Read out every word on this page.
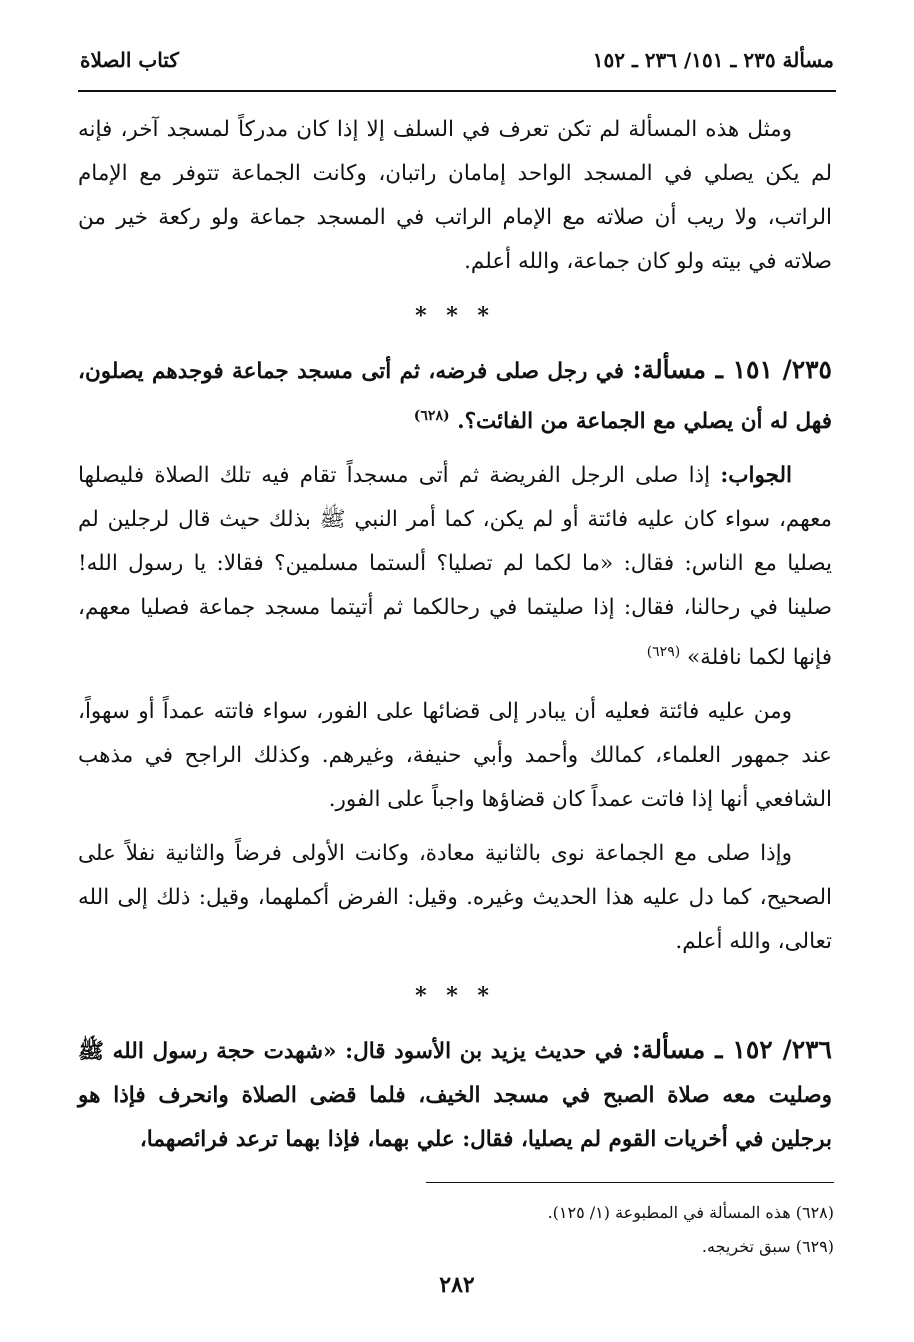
مسألة ٢٣٥ ـ ١٥١/ ٢٣٦ ـ ١٥٢
كتاب الصلاة

ومثل هذه المسألة لم تكن تعرف في السلف إلا إذا كان مدركاً لمسجد آخر، فإنه لم يكن يصلي في المسجد الواحد إمامان راتبان، وكانت الجماعة تتوفر مع الإمام الراتب، ولا ريب أن صلاته مع الإمام الراتب في المسجد جماعة ولو ركعة خير من صلاته في بيته ولو كان جماعة، والله أعلم.

* * *

٢٣٥/ ١٥١ ـ مسألة: في رجل صلى فرضه، ثم أتى مسجد جماعة فوجدهم يصلون، فهل له أن يصلي مع الجماعة من الفائت؟. $^{(٦٢٨)}$

الجواب: إذا صلى الرجل الفريضة ثم أتى مسجداً تقام فيه تلك الصلاة فليصلها معهم، سواء كان عليه فائتة أو لم يكن، كما أمر النبي ﷺ بذلك حيث قال لرجلين لم يصليا مع الناس: فقال: «ما لكما لم تصليا؟ ألستما مسلمين؟ فقالا: يا رسول الله! صلينا في رحالنا، فقال: إذا صليتما في رحالكما ثم أتيتما مسجد جماعة فصليا معهم، فإنها لكما نافلة» $^{(٦٢٩)}$

ومن عليه فائتة فعليه أن يبادر إلى قضائها على الفور، سواء فاتته عمداً أو سهواً، عند جمهور العلماء، كمالك وأحمد وأبي حنيفة، وغيرهم. وكذلك الراجح في مذهب الشافعي أنها إذا فاتت عمداً كان قضاؤها واجباً على الفور.

وإذا صلى مع الجماعة نوى بالثانية معادة، وكانت الأولى فرضاً والثانية نفلاً على الصحيح، كما دل عليه هذا الحديث وغيره. وقيل: الفرض أكملهما، وقيل: ذلك إلى الله تعالى، والله أعلم.

* * *

٢٣٦/ ١٥٢ ـ مسألة: في حديث يزيد بن الأسود قال: «شهدت حجة رسول الله ﷺ وصليت معه صلاة الصبح في مسجد الخيف، فلما قضى الصلاة وانحرف فإذا هو برجلين في أخريات القوم لم يصليا، فقال: علي بهما، فإذا بهما ترعد فرائصهما،

(٦٢٨) هذه المسألة في المطبوعة (١/ ١٢٥).
(٦٢٩) سبق تخريجه.
٢٨٢
